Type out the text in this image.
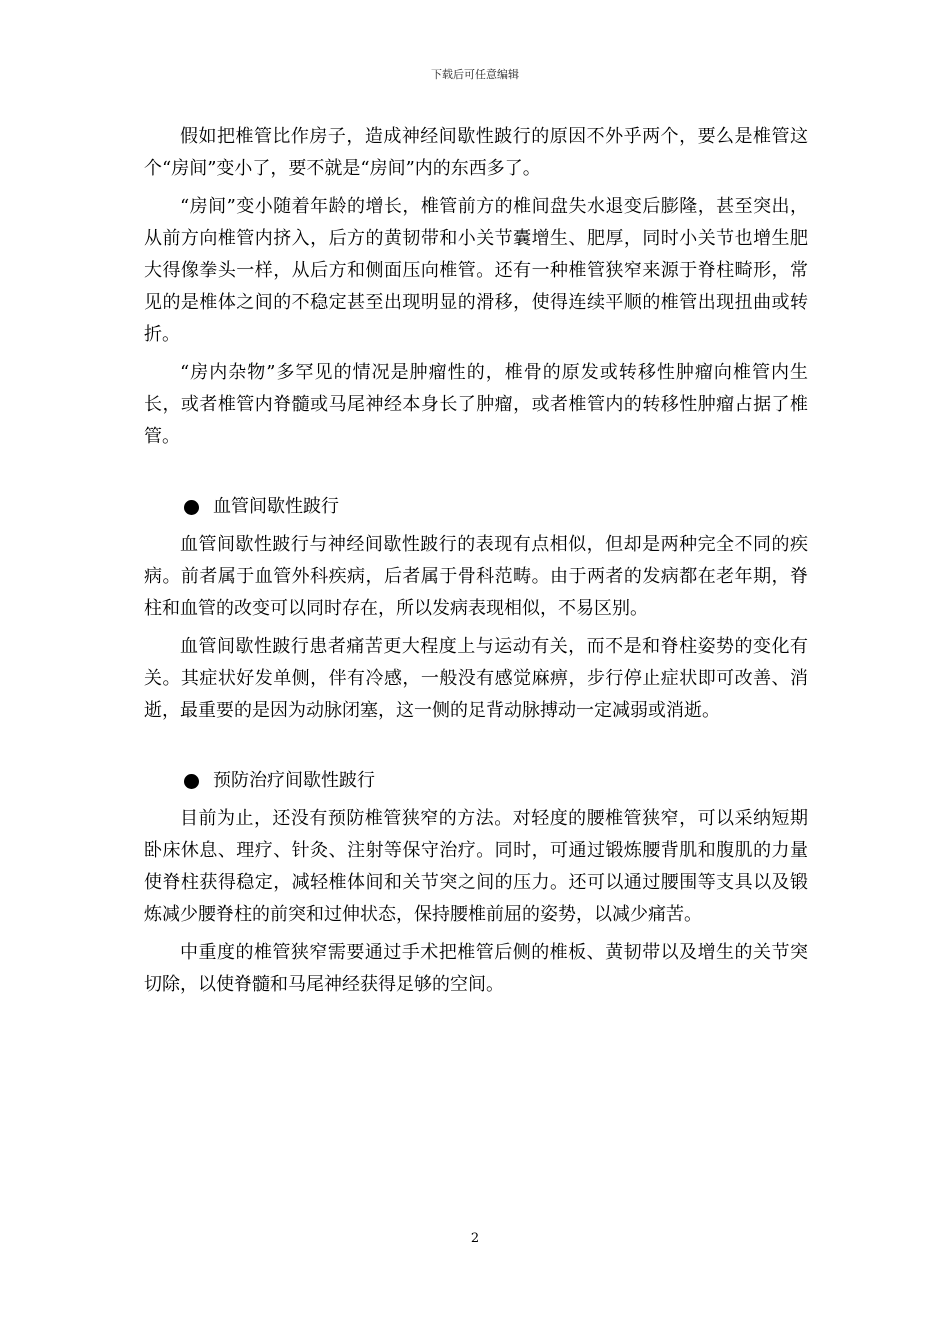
下载后可任意编辑

假如把椎管比作房子，造成神经间歇性跛行的原因不外乎两个，要么是椎管这个“房间”变小了，要不就是“房间”内的东西多了。

“房间”变小随着年龄的增长，椎管前方的椎间盘失水退变后膨隆，甚至突出，从前方向椎管内挤入，后方的黄韧带和小关节囊增生、肥厚，同时小关节也增生肥大得像拳头一样，从后方和侧面压向椎管。还有一种椎管狭窄来源于脊柱畸形，常见的是椎体之间的不稳定甚至出现明显的滑移，使得连续平顺的椎管出现扭曲或转折。

“房内杂物”多罕见的情况是肿瘤性的，椎骨的原发或转移性肿瘤向椎管内生长，或者椎管内脊髓或马尾神经本身长了肿瘤，或者椎管内的转移性肿瘤占据了椎管。

血管间歇性跛行

血管间歇性跛行与神经间歇性跛行的表现有点相似，但却是两种完全不同的疾病。前者属于血管外科疾病，后者属于骨科范畴。由于两者的发病都在老年期，脊柱和血管的改变可以同时存在，所以发病表现相似，不易区别。

血管间歇性跛行患者痛苦更大程度上与运动有关，而不是和脊柱姿势的变化有关。其症状好发单侧，伴有冷感，一般没有感觉麻痹，步行停止症状即可改善、消逝，最重要的是因为动脉闭塞，这一侧的足背动脉搏动一定减弱或消逝。

预防治疗间歇性跛行

目前为止，还没有预防椎管狭窄的方法。对轻度的腰椎管狭窄，可以采纳短期卧床休息、理疗、针灸、注射等保守治疗。同时，可通过锻炼腰背肌和腹肌的力量使脊柱获得稳定，减轻椎体间和关节突之间的压力。还可以通过腰围等支具以及锻炼减少腰脊柱的前突和过伸状态，保持腰椎前屈的姿势，以减少痛苦。

中重度的椎管狭窄需要通过手术把椎管后侧的椎板、黄韧带以及增生的关节突切除，以使脊髓和马尾神经获得足够的空间。

2
